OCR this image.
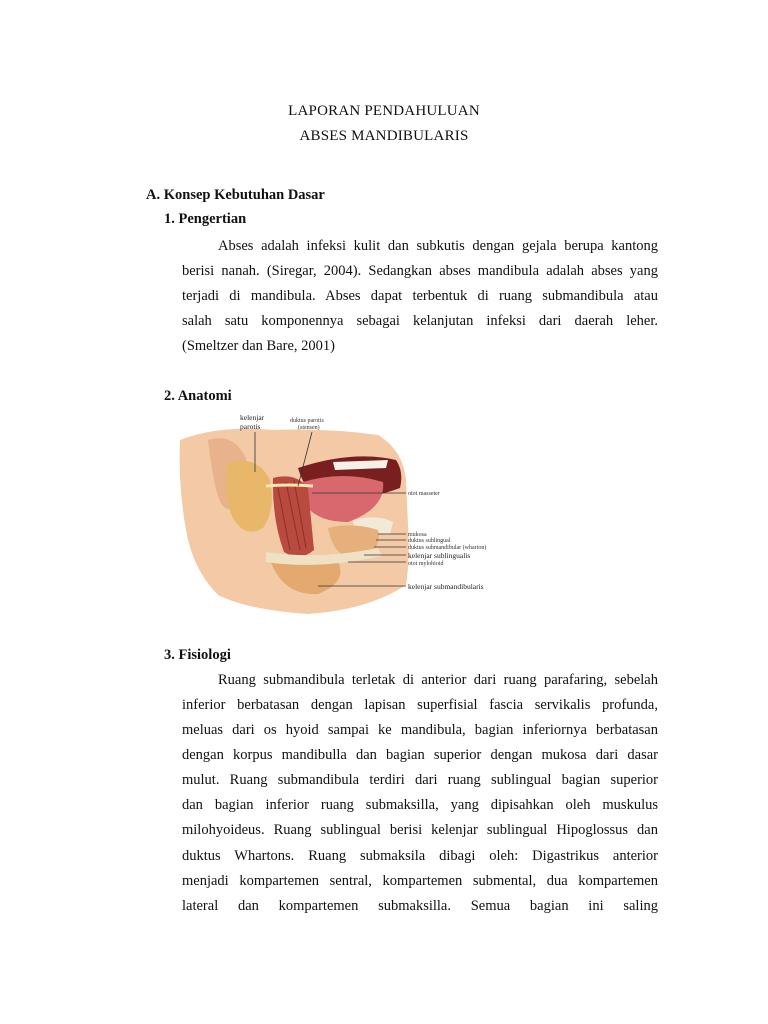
LAPORAN PENDAHULUAN
ABSES MANDIBULARIS
A. Konsep Kebutuhan Dasar
1. Pengertian
Abses adalah infeksi kulit dan subkutis dengan gejala berupa kantong
berisi nanah. (Siregar, 2004). Sedangkan abses mandibula adalah abses yang
terjadi di mandibula. Abses dapat terbentuk di ruang submandibula atau
salah satu komponennya sebagai kelanjutan infeksi dari daerah leher.
(Smeltzer dan Bare, 2001)
2. Anatomi
kelenjar
parotis
duktus parotis
(stensen)
otot masseter
mukosa
duktus sublingual
duktus submandibular (wharton)
kelenjar sublingualis
otot mylohioid
kelenjar submandibularis
3. Fisiologi
Ruang submandibula terletak di anterior dari ruang parafaring, sebelah
inferior berbatasan dengan lapisan superfisial fascia servikalis profunda,
meluas dari os hyoid sampai ke mandibula, bagian inferiornya berbatasan
dengan korpus mandibulla dan bagian superior dengan mukosa dari dasar
mulut. Ruang submandibula terdiri dari ruang sublingual bagian superior
dan bagian inferior ruang submaksilla, yang dipisahkan oleh muskulus
milohyoideus. Ruang sublingual berisi kelenjar sublingual Hipoglossus dan
duktus Whartons. Ruang submaksila dibagi oleh: Digastrikus anterior
menjadi kompartemen sentral, kompartemen submental, dua kompartemen
lateral dan kompartemen submaksilla. Semua bagian ini saling
